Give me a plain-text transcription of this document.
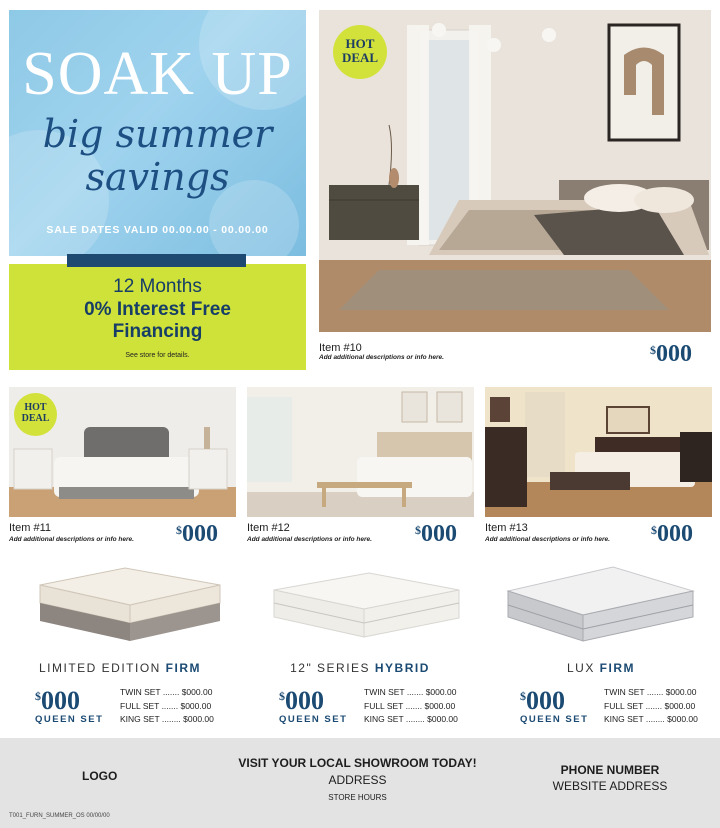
SOAK UP
big summer
savings
SALE DATES VALID 00.00.00 - 00.00.00
12 Months
0% Interest Free
Financing
See store for details.
HOT
DEAL
Item #10
Add additional descriptions or info here.
$000
HOT
DEAL
Item #11
Add additional descriptions or info here.
$000	Item #12
Add additional descriptions or info here.
$000	Item #13
Add additional descriptions or info here.
$000
LIMITED EDITION FIRM
$000
QUEEN SET
TWIN SET ....... $000.00
FULL SET ....... $000.00
KING SET ........ $000.00
12" SERIES HYBRID
$000
QUEEN SET
TWIN SET ....... $000.00
FULL SET ....... $000.00
KING SET ........ $000.00
LUX FIRM
$000
QUEEN SET
TWIN SET ....... $000.00
FULL SET ....... $000.00
KING SET ........ $000.00
LOGO
VISIT YOUR LOCAL SHOWROOM TODAY!
ADDRESS
STORE HOURS
PHONE NUMBER
WEBSITE ADDRESS
T001_FURN_SUMMER_OS 00/00/00
